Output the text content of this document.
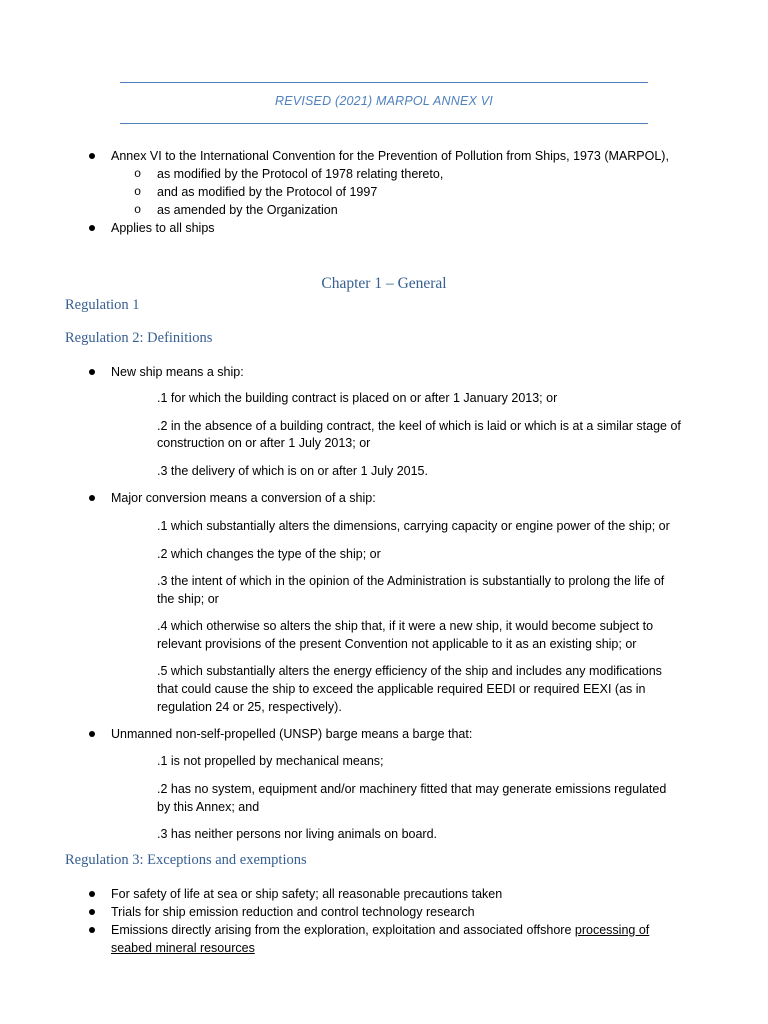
REVISED (2021) MARPOL ANNEX VI
Annex VI to the International Convention for the Prevention of Pollution from Ships, 1973 (MARPOL),
o as modified by the Protocol of 1978 relating thereto,
o and as modified by the Protocol of 1997
o as amended by the Organization
Applies to all ships
Chapter 1 – General
Regulation 1
Regulation 2: Definitions
New ship means a ship:
.1 for which the building contract is placed on or after 1 January 2013; or
.2 in the absence of a building contract, the keel of which is laid or which is at a similar stage of
construction on or after 1 July 2013; or
.3 the delivery of which is on or after 1 July 2015.
Major conversion means a conversion of a ship:
.1 which substantially alters the dimensions, carrying capacity or engine power of the ship; or
.2 which changes the type of the ship; or
.3 the intent of which in the opinion of the Administration is substantially to prolong the life of
the ship; or
.4 which otherwise so alters the ship that, if it were a new ship, it would become subject to
relevant provisions of the present Convention not applicable to it as an existing ship; or
.5 which substantially alters the energy efficiency of the ship and includes any modifications
that could cause the ship to exceed the applicable required EEDI or required EEXI (as in
regulation 24 or 25, respectively).
Unmanned non-self-propelled (UNSP) barge means a barge that:
.1 is not propelled by mechanical means;
.2 has no system, equipment and/or machinery fitted that may generate emissions regulated
by this Annex; and
.3 has neither persons nor living animals on board.
Regulation 3: Exceptions and exemptions
For safety of life at sea or ship safety; all reasonable precautions taken
Trials for ship emission reduction and control technology research
Emissions directly arising from the exploration, exploitation and associated offshore processing of
seabed mineral resources
